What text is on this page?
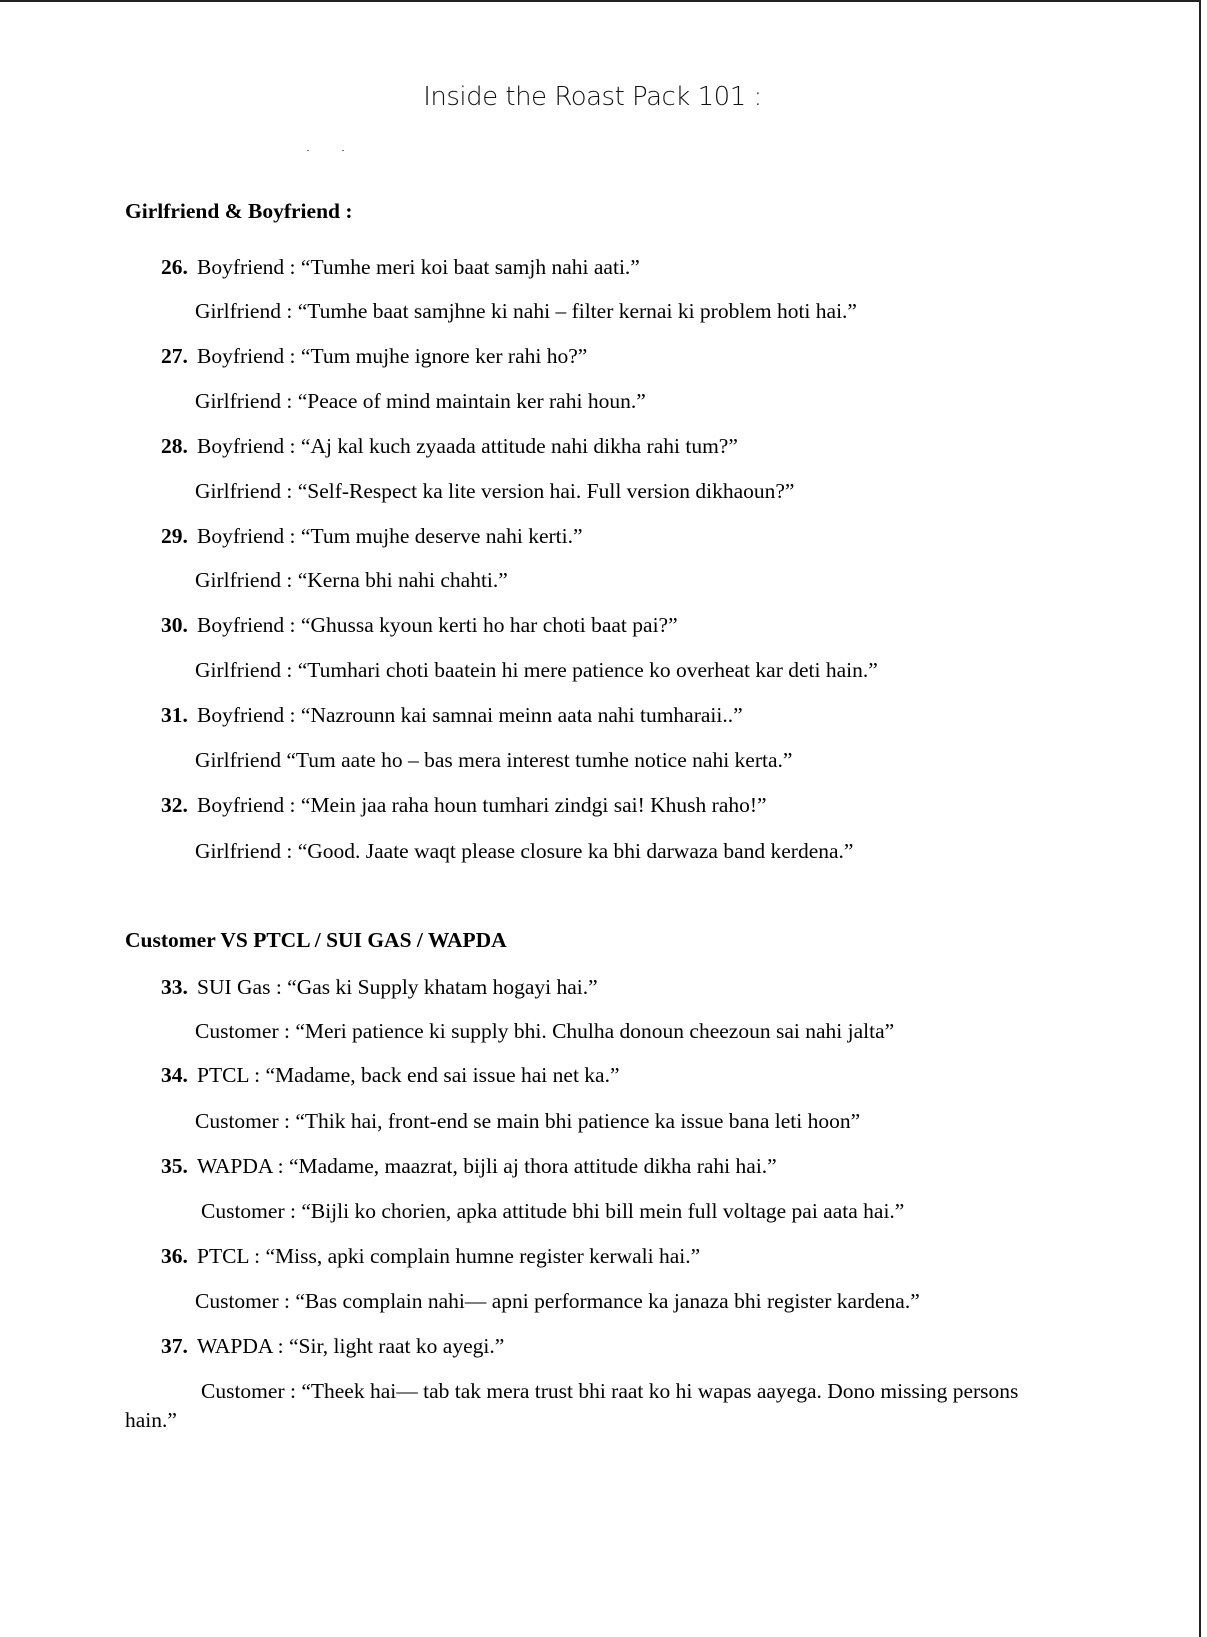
Inside the Roast Pack 101 :
Girlfriend & Boyfriend :
26. Boyfriend : “Tumhe meri koi baat samjh nahi aati.”
Girlfriend : “Tumhe baat samjhne ki nahi – filter kernai ki problem hoti hai.”
27. Boyfriend : “Tum mujhe ignore ker rahi ho?”
Girlfriend : “Peace of mind maintain ker rahi houn.”
28. Boyfriend : “Aj kal kuch zyaada attitude nahi dikha rahi tum?”
Girlfriend : “Self-Respect ka lite version hai. Full version dikhaoun?”
29. Boyfriend : “Tum mujhe deserve nahi kerti.”
Girlfriend : “Kerna bhi nahi chahti.”
30. Boyfriend : “Ghussa kyoun kerti ho har choti baat pai?”
Girlfriend : “Tumhari choti baatein hi mere patience ko overheat kar deti hain.”
31. Boyfriend : “Nazrounn kai samnai meinn aata nahi tumharaii..”
Girlfriend “Tum aate ho – bas mera interest tumhe notice nahi kerta.”
32. Boyfriend : “Mein jaa raha houn tumhari zindgi sai! Khush raho!”
Girlfriend : “Good. Jaate waqt please closure ka bhi darwaza band kerdena.”
Customer VS PTCL / SUI GAS / WAPDA
33. SUI Gas : “Gas ki Supply khatam hogayi hai.”
Customer : “Meri patience ki supply bhi. Chulha donoun cheezoun sai nahi jalta”
34. PTCL : “Madame, back end sai issue hai net ka.”
Customer : “Thik hai, front-end se main bhi patience ka issue bana leti hoon”
35. WAPDA : “Madame, maazrat, bijli aj thora attitude dikha rahi hai.”
Customer : “Bijli ko chorien, apka attitude bhi bill mein full voltage pai aata hai.”
36. PTCL : “Miss, apki complain humne register kerwali hai.”
Customer : “Bas complain nahi— apni performance ka janaza bhi register kardena.”
37. WAPDA : “Sir, light raat ko ayegi.”
Customer : “Theek hai— tab tak mera trust bhi raat ko hi wapas aayega. Dono missing persons
hain.”
